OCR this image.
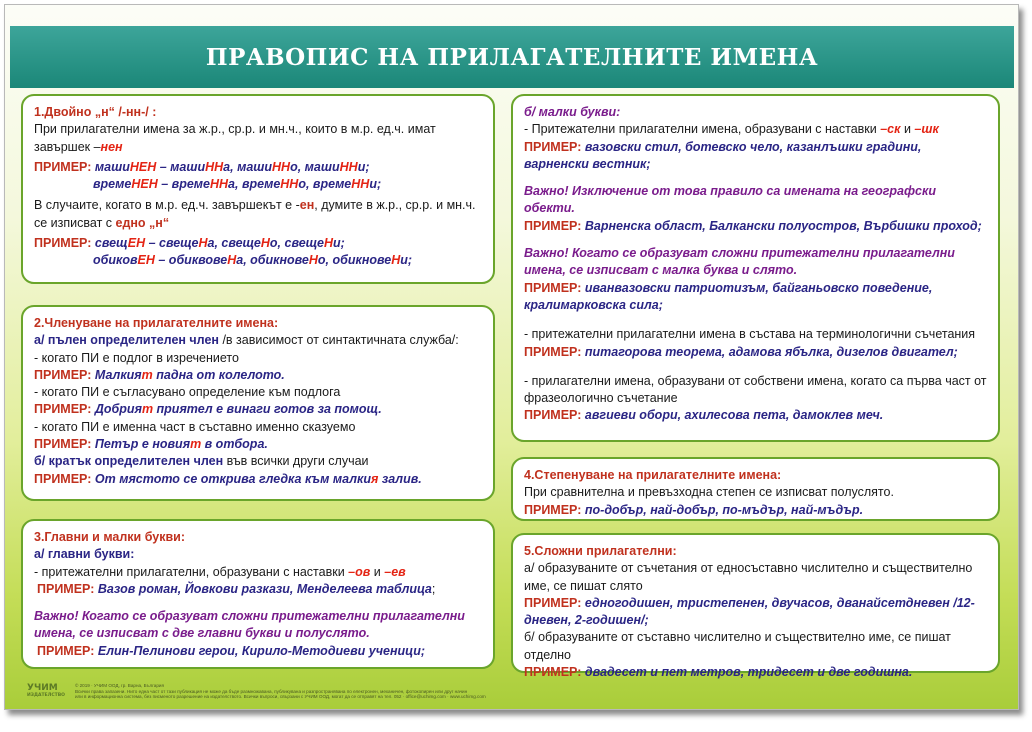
ПРАВОПИС НА ПРИЛАГАТЕЛНИТЕ ИМЕНА
1.Двойно „н“ /-нн-/ :
При прилагателни имена за ж.р., ср.р. и мн.ч., които в м.р. ед.ч. имат завършек –нен
ПРИМЕР: машиНЕН – машиННа, машиННо, машиННи;
времеНЕН – времеННа, времеННо, времеННи;
В случаите, когато в м.р. ед.ч. завършекът е -ен, думите в ж.р., ср.р. и мн.ч. се изписват с едно „н“
ПРИМЕР: свещЕН – свещеНа, свещеНо, свещеНи;
обиковЕН – обиквовеНа, обикновеНо, обикновеНи;
2.Членуване на прилагателните имена:
а/ пълен определителен член /в зависимост от синтактичната служба/:
- когато ПИ е подлог в изречението
ПРИМЕР: Малкият падна от колелото.
- когато ПИ е съгласувано определение към подлога
ПРИМЕР: Добрият приятел е винаги готов за помощ.
- когато ПИ е именна част в съставно именно сказуемо
ПРИМЕР: Петър е новият в отбора.
б/ кратък определителен член във всички други случаи
ПРИМЕР: От мястото се открива гледка към малкия залив.
3.Главни и малки букви:
а/ главни букви:
- притежателни прилагателни, образувани с наставки –ов и –ев
ПРИМЕР: Вазов роман, Йовкови разкази, Менделеева таблица;
Важно! Когато се образуват сложни притежателни прилагателни имена, се изписват с две главни букви и полуслято.
ПРИМЕР: Елин-Пелинови герои, Кирило-Методиеви ученици;
б/ малки букви:
- Притежателни прилагателни имена, образувани с наставки –ск и –шк
ПРИМЕР: вазовски стил, ботевско чело, казанлъшки градини, варненски вестник;
Важно! Изключение от това правило са имената на географски обекти.
ПРИМЕР: Варненска област, Балкански полуостров, Върбишки проход;
Важно! Когато се образуват сложни притежателни прилагателни имена, се изписват с малка буква и слято.
ПРИМЕР: иванвазовски патриотизъм, байганьовско поведение, кралимарковска сила;
- притежателни прилагателни имена в състава на терминологични съчетания
ПРИМЕР: питагорова теорема, адамова ябълка, дизелов двигател;
- прилагателни имена, образувани от собствени имена, когато са първа част от фразеологично съчетание
ПРИМЕР: авгиеви обори, ахилесова пета, дамоклев меч.
4.Степенуване на прилагателните имена:
При сравнителна и превъзходна степен се изписват полуслято.
ПРИМЕР: по-добър, най-добър, по-мъдър, най-мъдър.
5.Сложни прилагателни:
а/ образуваните от съчетания от едносъставно числително и съществително име, се пишат слято
ПРИМЕР: едногодишен, тристепенен, двучасов, дванайсетдневен /12-дневен, 2-годишен/;
б/ образуваните от съставно числително и съществително име, се пишат отделно
ПРИМЕР: двадесет и пет метров, тридесет и две годишна.
УЧИМ
ИЗДАТЕЛСТВО
© 2019 · УЧИМ ООД, гр. Варна, България
Всички права запазени. Нито една част от тази публикация не може да бъде размножавана, публикувана и разпространявана по електронен, механичен, фотокопирен или друг начин
или в информационна система, без писменото разрешение на издателството. Всички въпроси, свързани с УЧИМ ООД, могат да се отправят на тел. 052 · office@uchimg.com · www.uchimg.com
